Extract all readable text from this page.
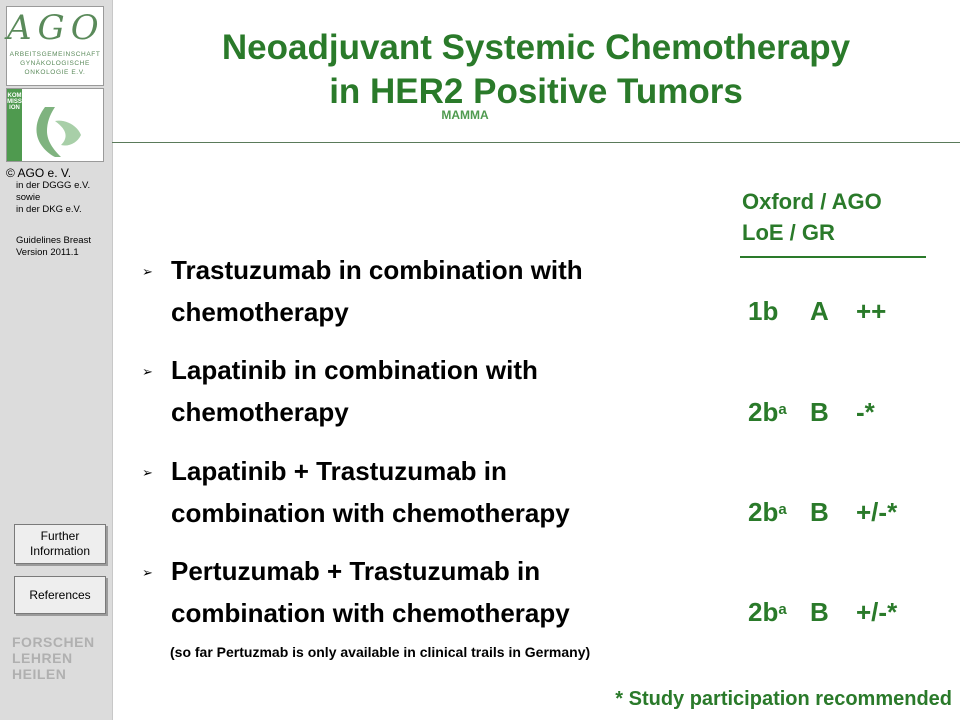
AGO
ARBEITSGEMEINSCHAFT
GYNÄKOLOGISCHE
ONKOLOGIE E.V.
KOMMISSION	MAMMA
© AGO e. V.
in der DGGG e.V.
sowie
in der DKG e.V.
Guidelines Breast
Version 2011.1
Further Information
References
FORSCHEN
LEHREN
HEILEN
Neoadjuvant Systemic Chemotherapy
in HER2 Positive Tumors
Oxford / AGO
LoE / GR
➢ Trastuzumab in combination with
chemotherapy	1b A ++
➢ Lapatinib in combination with
chemotherapy	$2b^a$ B -*
➢ Lapatinib + Trastuzumab in
combination with chemotherapy	$2b^a$ B +/-*
➢ Pertuzumab + Trastuzumab in
combination with chemotherapy	$2b^a$ B +/-*
(so far Pertuzmab is only available in clinical trails in Germany)
* Study participation recommended
